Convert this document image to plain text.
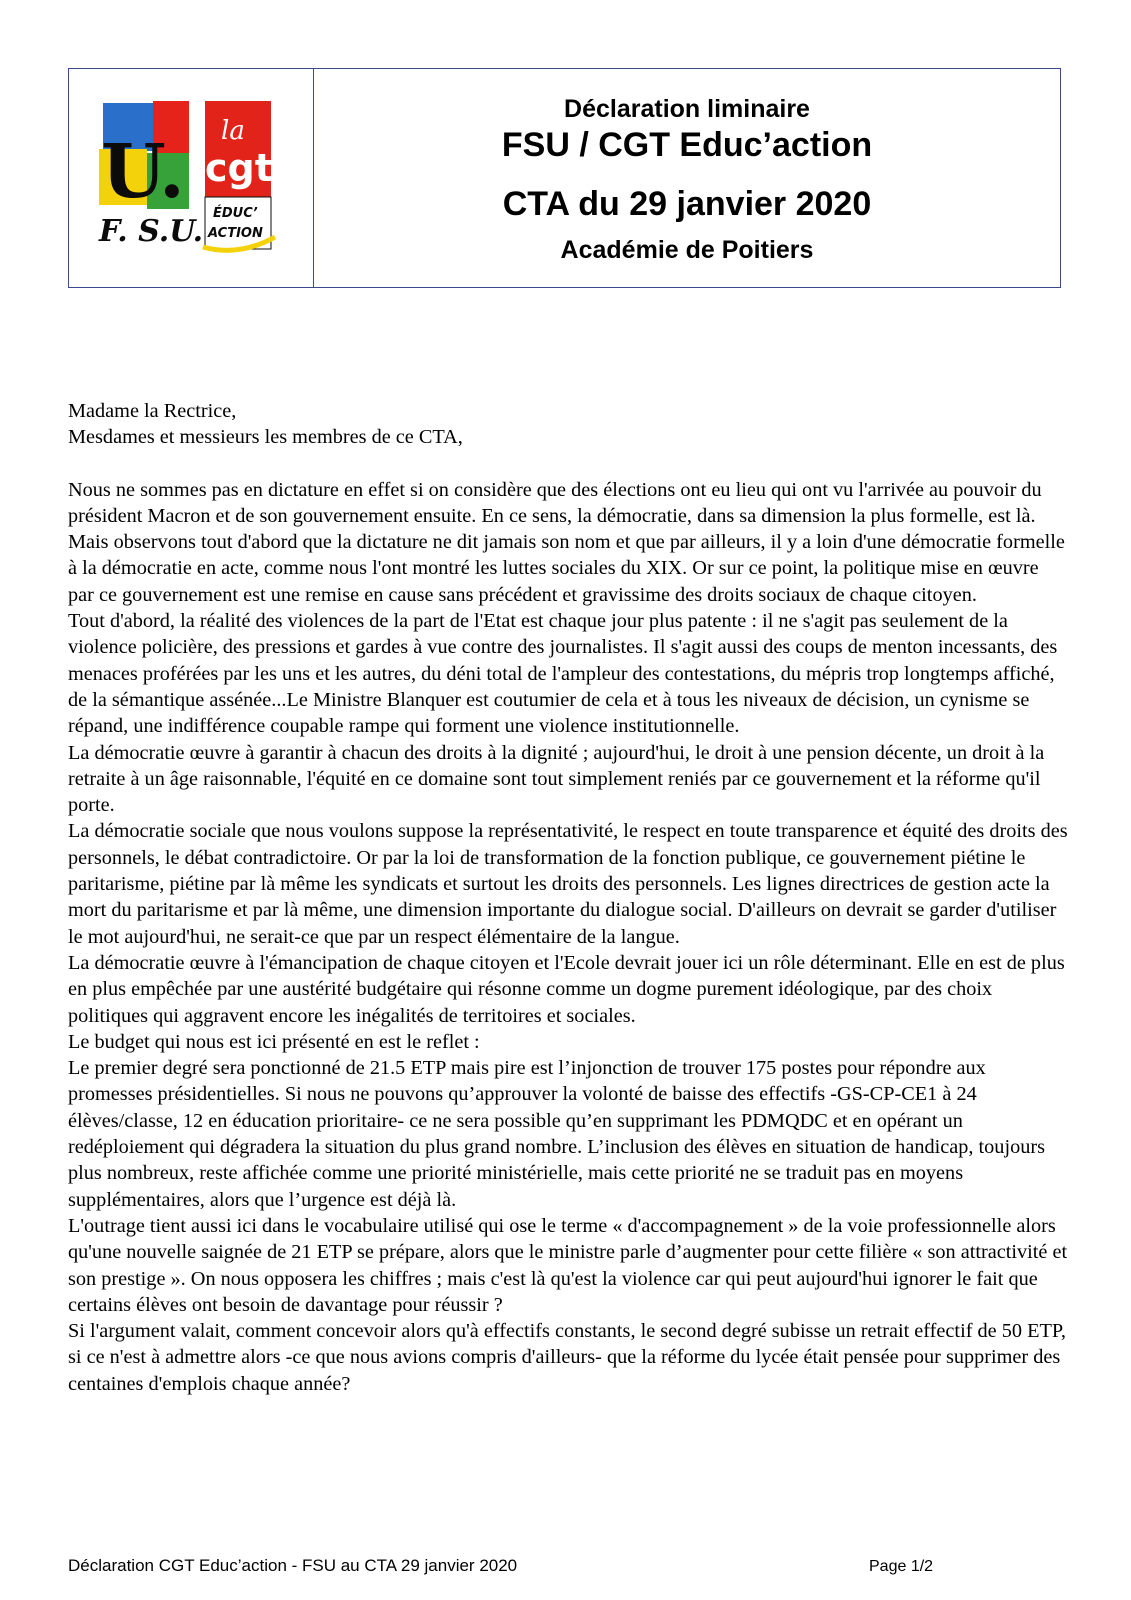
U.
F. S.U.
la
cgt
ÉDUC’
ACTION
Déclaration liminaire
FSU / CGT Educ’action
CTA du 29 janvier 2020
Académie de Poitiers

Madame la Rectrice,

Mesdames et messieurs les membres de ce CTA,

Nous ne sommes pas en dictature en effet si on considère que des élections ont eu lieu qui ont vu l'arrivée au pouvoir du président Macron et de son gouvernement ensuite. En ce sens, la démocratie, dans sa dimension la plus formelle, est là. Mais observons tout d'abord que la dictature ne dit jamais son nom et que par ailleurs, il y a loin d'une démocratie formelle à la démocratie en acte, comme nous l'ont montré les luttes sociales du XIX. Or sur ce point, la politique mise en œuvre par ce gouvernement est une remise en cause sans précédent et gravissime des droits sociaux de chaque citoyen.

Tout d'abord, la réalité des violences de la part de l'Etat est chaque jour plus patente : il ne s'agit pas seulement de la violence policière, des pressions et gardes à vue contre des journalistes. Il s'agit aussi des coups de menton incessants, des menaces proférées par les uns et les autres, du déni total de l'ampleur des contestations, du mépris trop longtemps affiché, de la sémantique assénée...Le Ministre Blanquer est coutumier de cela et à tous les niveaux de décision, un cynisme se répand, une indifférence coupable rampe qui forment une violence institutionnelle.

La démocratie œuvre à garantir à chacun des droits à la dignité ; aujourd'hui, le droit à une pension décente, un droit à la retraite à un âge raisonnable, l'équité en ce domaine sont tout simplement reniés par ce gouvernement et la réforme qu'il porte.

La démocratie sociale que nous voulons suppose la représentativité, le respect en toute transparence et équité des droits des personnels, le débat contradictoire. Or par la loi de transformation de la fonction publique, ce gouvernement piétine le paritarisme, piétine par là même les syndicats et surtout les droits des personnels. Les lignes directrices de gestion acte la mort du paritarisme et par là même, une dimension importante du dialogue social. D'ailleurs on devrait se garder d'utiliser le mot aujourd'hui, ne serait-ce que par un respect élémentaire de la langue.

La démocratie œuvre à l'émancipation de chaque citoyen et l'Ecole devrait jouer ici un rôle déterminant. Elle en est de plus en plus empêchée par une austérité budgétaire qui résonne comme un dogme purement idéologique, par des choix politiques qui aggravent encore les inégalités de territoires et sociales.

Le budget qui nous est ici présenté en est le reflet :

Le premier degré sera ponctionné de 21.5 ETP mais pire est l’injonction de trouver 175 postes pour répondre aux promesses présidentielles. Si nous ne pouvons qu’approuver la volonté de baisse des effectifs -GS-CP-CE1 à 24 élèves/classe, 12 en éducation prioritaire- ce ne sera possible qu’en supprimant les PDMQDC et en opérant un redéploiement qui dégradera la situation du plus grand nombre. L’inclusion des élèves en situation de handicap, toujours plus nombreux, reste affichée comme une priorité ministérielle, mais cette priorité ne se traduit pas en moyens supplémentaires, alors que l’urgence est déjà là.

L'outrage tient aussi ici dans le vocabulaire utilisé qui ose le terme « d'accompagnement » de la voie professionnelle alors qu'une nouvelle saignée de 21 ETP se prépare, alors que le ministre parle d’augmenter pour cette filière « son attractivité et son prestige ». On nous opposera les chiffres ; mais c'est là qu'est la violence car qui peut aujourd'hui ignorer le fait que certains élèves ont besoin de davantage pour réussir ?

Si l'argument valait, comment concevoir alors qu'à effectifs constants, le second degré subisse un retrait effectif de 50 ETP, si ce n'est à admettre alors -ce que nous avions compris d'ailleurs- que la réforme du lycée était pensée pour supprimer des centaines d'emplois chaque année?

Déclaration CGT Educ’action - FSU au CTA 29 janvier 2020	Page 1/2
